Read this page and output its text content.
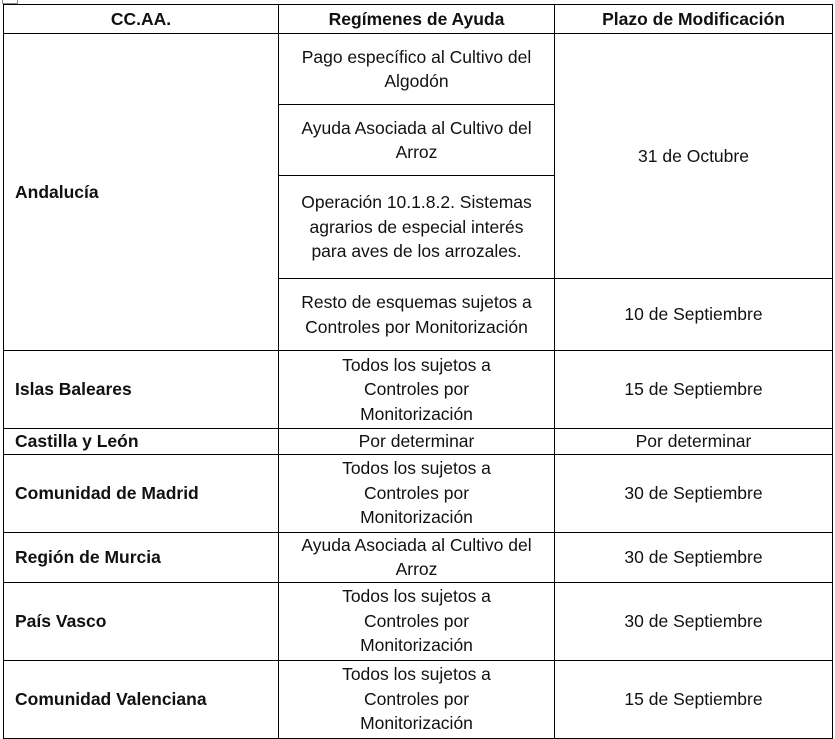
CC.AA.	Regímenes de Ayuda	Plazo de Modificación
Andalucía	Pago específico al Cultivo del Algodón	31 de Octubre
	Ayuda Asociada al Cultivo del Arroz	
	Operación 10.1.8.2. Sistemas agrarios de especial interés para aves de los arrozales.	
	Resto de esquemas sujetos a Controles por Monitorización	10 de Septiembre
Islas Baleares	Todos los sujetos a Controles por Monitorización	15 de Septiembre
Castilla y León	Por determinar	Por determinar
Comunidad de Madrid	Todos los sujetos a Controles por Monitorización	30 de Septiembre
Región de Murcia	Ayuda Asociada al Cultivo del Arroz	30 de Septiembre
País Vasco	Todos los sujetos a Controles por Monitorización	30 de Septiembre
Comunidad Valenciana	Todos los sujetos a Controles por Monitorización	15 de Septiembre
